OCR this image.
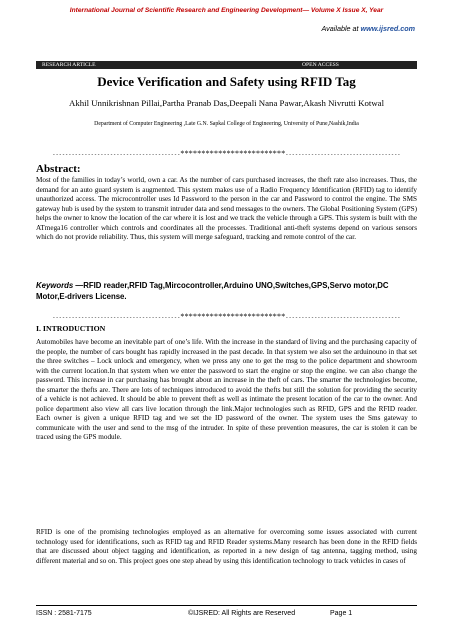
International Journal of Scientific Research and Engineering Development— Volume X Issue X, Year
Available at www.ijsred.com
RESEARCH ARTICLE	OPEN ACCESS
Device Verification and Safety using RFID Tag
Akhil Unnikrishnan Pillai,Partha Pranab Das,Deepali Nana Pawar,Akash Nivrutti Kotwal
Department of Computer Engineering ,Late G.N. Sapkal College of Engineering, University of Pune,Nashik,India
----------------------------------------*************************------------------------------------
Abstract:
Most of the families in today’s world, own a car. As the number of cars purchased increases, the theft rate also increases. Thus, the demand for an auto guard system is augmented. This system makes use of a Radio Frequency Identification (RFID) tag to identify unauthorized access. The microcontroller uses Id Password to the person in the car and Password to control the engine. The SMS gateway hub is used by the system to transmit intruder data and send messages to the owners. The Global Positioning System (GPS) helps the owner to know the location of the car where it is lost and we track the vehicle through a GPS. This system is built with the ATmega16 controller which controls and coordinates all the processes. Traditional anti-theft systems depend on various sensors which do not provide reliability. Thus, this system will merge safeguard, tracking and remote control of the car.
Keywords —RFID reader,RFID Tag,Mircocontroller,Arduino UNO,Switches,GPS,Servo motor,DC Motor,E-drivers License.
----------------------------------------*************************------------------------------------
I. INTRODUCTION
Automobiles have become an inevitable part of one’s life. With the increase in the standard of living and the purchasing capacity of the people, the number of cars bought has rapidly increased in the past decade. In that system we also set the arduinouno in that set the three switches – Lock unlock and emergency, when we press any one to get the msg to the police department and showroom with the current location.In that system when we enter the password to start the engine or stop the engine. we can also change the password. This increase in car purchasing has brought about an increase in the theft of cars. The smarter the technologies become, the smarter the thefts are. There are lots of techniques introduced to avoid the thefts but still the solution for providing the security of a vehicle is not achieved. It should be able to prevent theft as well as intimate the present location of the car to the owner. And police department also view all cars live location through the link.Major technologies such as RFID, GPS and the RFID reader. Each owner is given a unique RFID tag and we set the ID password of the owner. The system uses the Sms gateway to communicate with the user and send to the msg of the intruder. In spite of these prevention measures, the car is stolen it can be traced using the GPS module.
RFID is one of the promising technologies employed as an alternative for overcoming some issues associated with current technology used for identifications, such as RFID tag and RFID Reader systems.Many research has been done in the RFID fields that are discussed about object tagging and identification, as reported in a new design of tag antenna, tagging method, using different material and so on. This project goes one step ahead by using this identification technology to track vehicles in cases of
ISSN : 2581-7175	©IJSRED: All Rights are Reserved	Page 1
